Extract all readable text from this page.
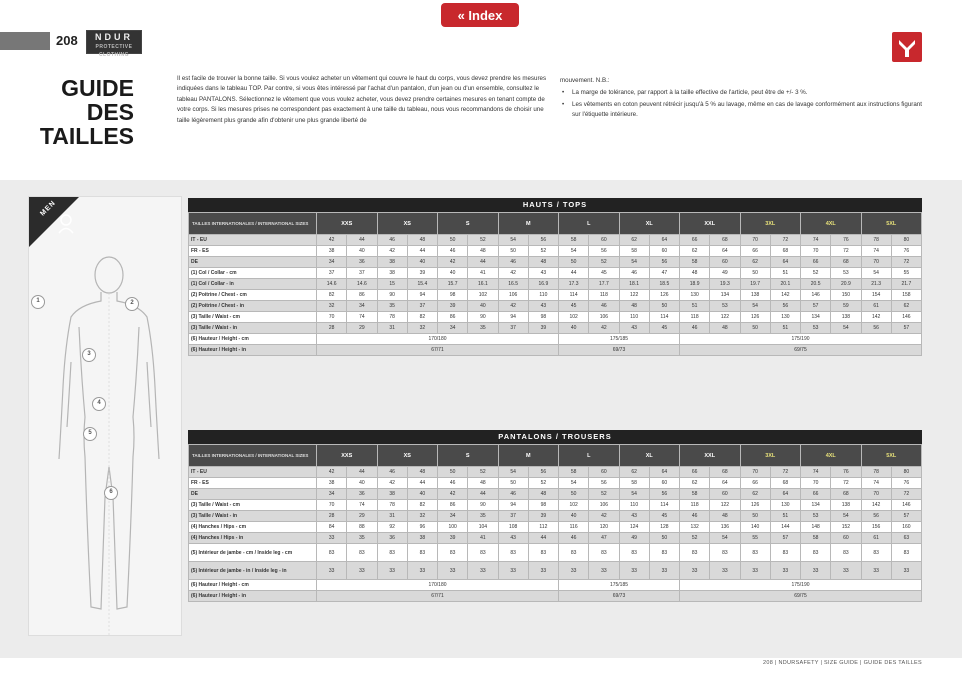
« Index
208	NDUR
PROTECTIVE CLOTHING
GUIDE
DES
TAILLES
Il est facile de trouver la bonne taille. Si vous voulez acheter un vêtement qui couvre le haut du corps, vous devez prendre les mesures indiquées dans le tableau TOP. Par contre, si vous êtes intéressé par l'achat d'un pantalon, d'un jean ou d'un ensemble, consultez le tableau PANTALONS. Sélectionnez le vêtement que vous voulez acheter, vous devez prendre certaines mesures en tenant compte de votre corps. Si les mesures prises ne correspondent pas exactement à une taille du tableau, nous vous recommandons de choisir une taille légèrement plus grande afin d'obtenir une plus grande liberté de
mouvement. N.B.:
• La marge de tolérance, par rapport à la taille effective de l'article, peut être de +/- 3 %.
• Les vêtements en coton peuvent rétrécir jusqu'à 5 % au lavage, même en cas de lavage conformément aux instructions figurant sur l'étiquette intérieure.
MEN
1	2
3
4
5
6
HAUTS / TOPS
TAILLES INTERNATIONALES / INTERNATIONAL SIZES	XXS		XS		S		M		L		XL		XXL		3XL		4XL		5XL	
IT - EU	42	44	46	48	50	52	54	56	58	60	62	64	66	68	70	72	74	76	78	80
FR - ES	38	40	42	44	46	48	50	52	54	56	58	60	62	64	66	68	70	72	74	76
DE	34	36	38	40	42	44	46	48	50	52	54	56	58	60	62	64	66	68	70	72
(1) Col / Collar - cm	37	37	38	39	40	41	42	43	44	45	46	47	48	49	50	51	52	53	54	55
(1) Col / Collar - in	14.6	14.6	15	15.4	15.7	16.1	16.5	16.9	17.3	17.7	18.1	18.5	18.9	19.3	19.7	20.1	20.5	20.9	21.3	21.7
(2) Poitrine / Chest - cm	82	86	90	94	98	102	106	110	114	118	122	126	130	134	138	142	146	150	154	158
(2) Poitrine / Chest - in	32	34	35	37	39	40	42	43	45	46	48	50	51	53	54	56	57	59	61	62
(3) Taille / Waist - cm	70	74	78	82	86	90	94	98	102	106	110	114	118	122	126	130	134	138	142	146
(3) Taille / Waist - in	28	29	31	32	34	35	37	39	40	42	43	45	46	48	50	51	53	54	56	57
(6) Hauteur / Height - cm	170/180								175/185				175/190							
(6) Hauteur / Height - in	67/71								69/73				69/75							
PANTALONS / TROUSERS
TAILLES INTERNATIONALES / INTERNATIONAL SIZES	XXS		XS		S		M		L		XL		XXL		3XL		4XL		5XL	
IT - EU	42	44	46	48	50	52	54	56	58	60	62	64	66	68	70	72	74	76	78	80
FR - ES	38	40	42	44	46	48	50	52	54	56	58	60	62	64	66	68	70	72	74	76
DE	34	36	38	40	42	44	46	48	50	52	54	56	58	60	62	64	66	68	70	72
(3) Taille / Waist - cm	70	74	78	82	86	90	94	98	102	106	110	114	118	122	126	130	134	138	142	146
(3) Taille / Waist - in	28	29	31	32	34	35	37	39	40	42	43	45	46	48	50	51	53	54	56	57
(4) Hanches / Hips - cm	84	88	92	96	100	104	108	112	116	120	124	128	132	136	140	144	148	152	156	160
(4) Hanches / Hips - in	33	35	36	38	39	41	43	44	46	47	49	50	52	54	55	57	58	60	61	63
(5) Intérieur de jambe - cm / Inside leg - cm	83	83	83	83	83	83	83	83	83	83	83	83	83	83	83	83	83	83	83	83
(5) Intérieur de jambe - in / Inside leg - in	33	33	33	33	33	33	33	33	33	33	33	33	33	33	33	33	33	33	33	33
(6) Hauteur / Height - cm	170/180								175/185				175/190							
(6) Hauteur / Height - in	67/71								69/73				69/75							
208 | NDURSAFETY | SIZE GUIDE | GUIDE DES TAILLES
